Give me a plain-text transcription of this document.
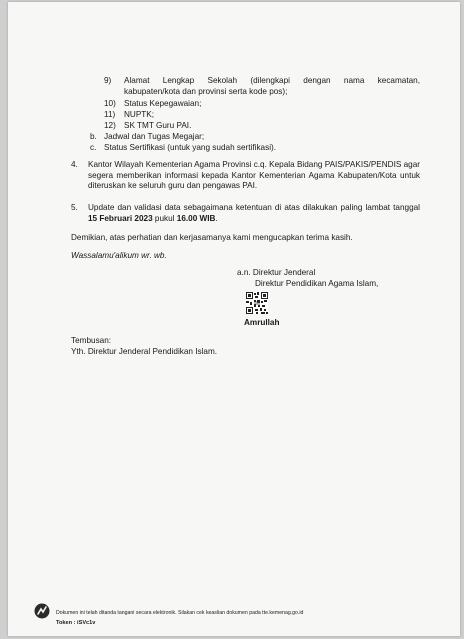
9) Alamat Lengkap Sekolah (dilengkapi dengan nama kecamatan,

kabupaten/kota dan provinsi serta kode pos);

10) Status Kepegawaian;

11) NUPTK;

12) SK TMT Guru PAI.

b. Jadwal dan Tugas Megajar;

c. Status Sertifikasi (untuk yang sudah sertifikasi).

4. Kantor Wilayah Kementerian Agama Provinsi c.q. Kepala Bidang PAIS/PAKIS/PENDIS agar segera memberikan informasi kepada Kantor Kementerian Agama Kabupaten/Kota untuk diteruskan ke seluruh guru dan pengawas PAI.

5. Update dan validasi data sebagaimana ketentuan di atas dilakukan paling lambat tanggal 15 Februari 2023 pukul 16.00 WIB.

Demikian, atas perhatian dan kerjasamanya kami mengucapkan terima kasih.

Wassalamu'alikum wr. wb.

a.n. Direktur Jenderal

Direktur Pendidikan Agama Islam,

Amrullah

Tembusan:

Yth. Direktur Jenderal Pendidikan Islam.

Dokumen ini telah ditanda tangani secara elektronik. Silakan cek keaslian dokumen pada tte.kemenag.go.id

Token : iSVc1v
